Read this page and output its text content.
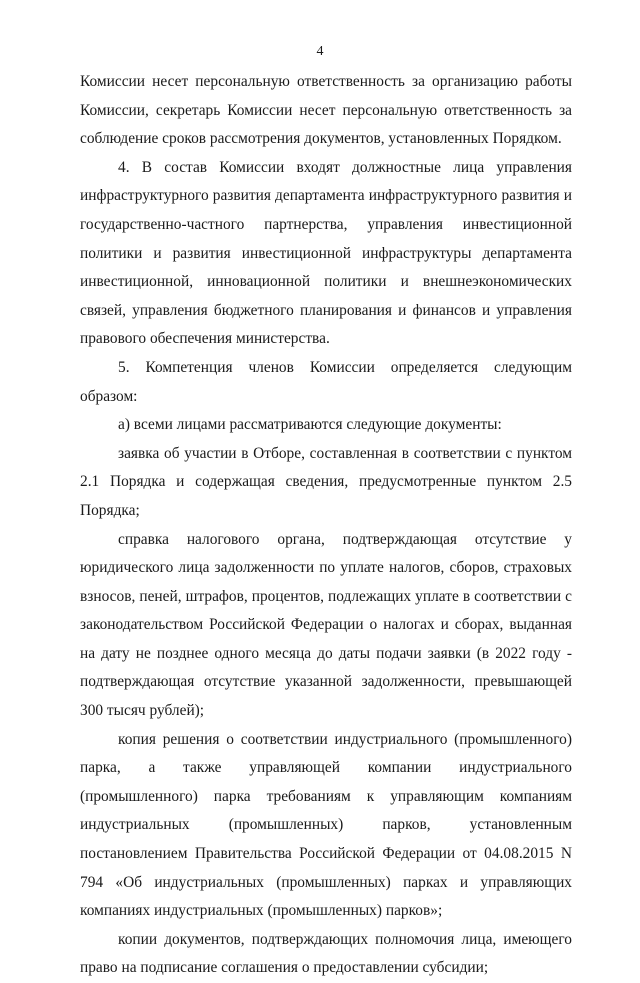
4

Комиссии несет персональную ответственность за организацию работы Комиссии, секретарь Комиссии несет персональную ответственность за соблюдение сроков рассмотрения документов, установленных Порядком.

4. В состав Комиссии входят должностные лица управления инфраструктурного развития департамента инфраструктурного развития и государственно-частного партнерства, управления инвестиционной политики и развития инвестиционной инфраструктуры департамента инвестиционной, инновационной политики и внешнеэкономических связей, управления бюджетного планирования и финансов и управления правового обеспечения министерства.

5. Компетенция членов Комиссии определяется следующим образом:

а) всеми лицами рассматриваются следующие документы:

заявка об участии в Отборе, составленная в соответствии с пунктом 2.1 Порядка и содержащая сведения, предусмотренные пунктом 2.5 Порядка;

справка налогового органа, подтверждающая отсутствие у юридического лица задолженности по уплате налогов, сборов, страховых взносов, пеней, штрафов, процентов, подлежащих уплате в соответствии с законодательством Российской Федерации о налогах и сборах, выданная на дату не позднее одного месяца до даты подачи заявки (в 2022 году - подтверждающая отсутствие указанной задолженности, превышающей 300 тысяч рублей);

копия решения о соответствии индустриального (промышленного) парка, а также управляющей компании индустриального (промышленного) парка требованиям к управляющим компаниям индустриальных (промышленных) парков, установленным постановлением Правительства Российской Федерации от 04.08.2015 N 794 «Об индустриальных (промышленных) парках и управляющих компаниях индустриальных (промышленных) парков»;

копии документов, подтверждающих полномочия лица, имеющего право на подписание соглашения о предоставлении субсидии;
